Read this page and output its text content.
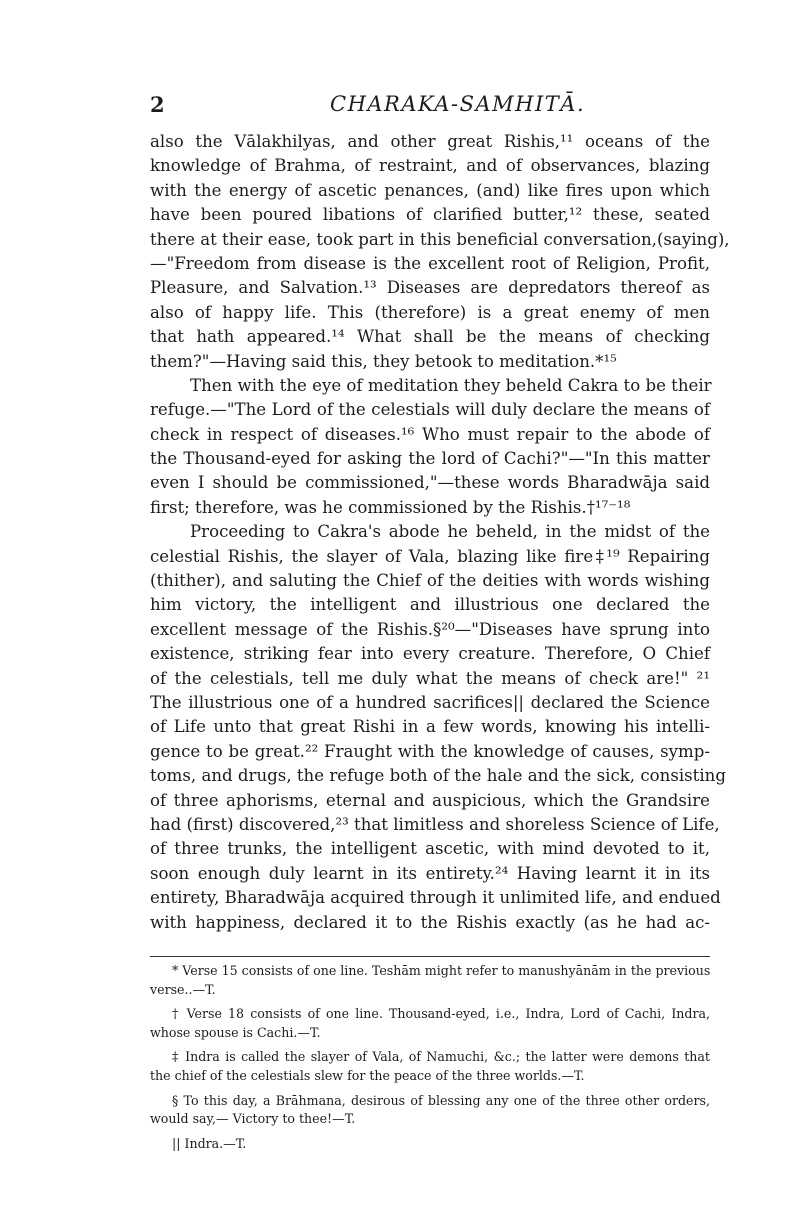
2	CHARAKA-SAMHITĀ.
also the Vālakhilyas, and other great Rishis,¹¹ oceans of the
knowledge of Brahma, of restraint, and of observances, blazing
with the energy of ascetic penances, (and) like fires upon which
have been poured libations of clarified butter,¹² these, seated
there at their ease, took part in this beneficial conversation,(saying),
—"Freedom from disease is the excellent root of Religion, Profit,
Pleasure, and Salvation.¹³ Diseases are depredators thereof as
also of happy life. This (therefore) is a great enemy of men
that hath appeared.¹⁴ What shall be the means of checking
them?"—Having said this, they betook to meditation.*¹⁵
Then with the eye of meditation they beheld Cakra to be their
refuge.—"The Lord of the celestials will duly declare the means of
check in respect of diseases.¹⁶ Who must repair to the abode of
the Thousand-eyed for asking the lord of Cachi?"—"In this matter
even I should be commissioned,"—these words Bharadwāja said
first; therefore, was he commissioned by the Rishis.†¹⁷⁻¹⁸
Proceeding to Cakra's abode he beheld, in the midst of the
celestial Rishis, the slayer of Vala, blazing like fire‡¹⁹ Repairing
(thither), and saluting the Chief of the deities with words wishing
him victory, the intelligent and illustrious one declared the
excellent message of the Rishis.§²⁰—"Diseases have sprung into
existence, striking fear into every creature. Therefore, O Chief
of the celestials, tell me duly what the means of check are!" ²¹
The illustrious one of a hundred sacrifices|| declared the Science
of Life unto that great Rishi in a few words, knowing his intelli-
gence to be great.²² Fraught with the knowledge of causes, symp-
toms, and drugs, the refuge both of the hale and the sick, consisting
of three aphorisms, eternal and auspicious, which the Grandsire
had (first) discovered,²³ that limitless and shoreless Science of Life,
of three trunks, the intelligent ascetic, with mind devoted to it,
soon enough duly learnt in its entirety.²⁴ Having learnt it in its
entirety, Bharadwāja acquired through it unlimited life, and endued
with happiness, declared it to the Rishis exactly (as he had ac-
* Verse 15 consists of one line. Teshām might refer to manushyānām in the previous
verse..—T.
† Verse 18 consists of one line. Thousand-eyed, i.e., Indra, Lord of Cachi, Indra,
whose spouse is Cachi.—T.
‡ Indra is called the slayer of Vala, of Namuchi, &c.; the latter were demons that
the chief of the celestials slew for the peace of the three worlds.—T.
§ To this day, a Brāhmana, desirous of blessing any one of the three other orders,
would say,— Victory to thee!—T.
|| Indra.—T.
